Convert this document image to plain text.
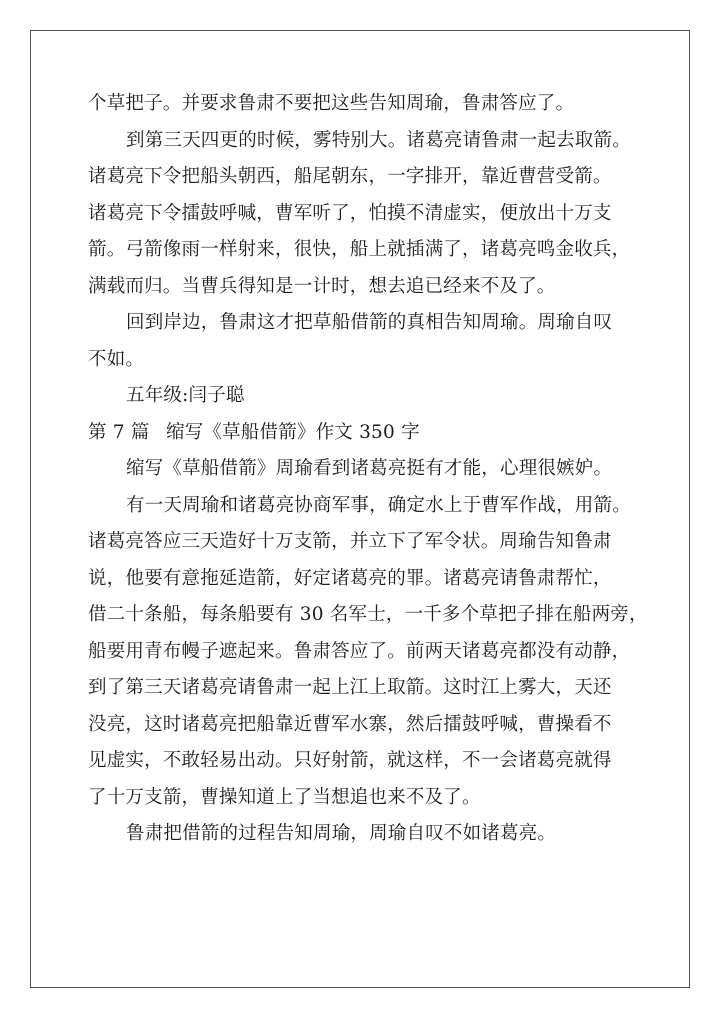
个草把子。并要求鲁肃不要把这些告知周瑜，鲁肃答应了。
到第三天四更的时候，雾特别大。诸葛亮请鲁肃一起去取箭。
诸葛亮下令把船头朝西，船尾朝东，一字排开，靠近曹营受箭。
诸葛亮下令擂鼓呼喊，曹军听了，怕摸不清虚实，便放出十万支
箭。弓箭像雨一样射来，很快，船上就插满了，诸葛亮鸣金收兵，
满载而归。当曹兵得知是一计时，想去追已经来不及了。
回到岸边，鲁肃这才把草船借箭的真相告知周瑜。周瑜自叹
不如。
五年级:闫子聪
第 7 篇 缩写《草船借箭》作文 350 字
缩写《草船借箭》周瑜看到诸葛亮挺有才能，心理很嫉妒。
有一天周瑜和诸葛亮协商军事，确定水上于曹军作战，用箭。
诸葛亮答应三天造好十万支箭，并立下了军令状。周瑜告知鲁肃
说，他要有意拖延造箭，好定诸葛亮的罪。诸葛亮请鲁肃帮忙，
借二十条船，每条船要有 30 名军士，一千多个草把子排在船两旁，
船要用青布幔子遮起来。鲁肃答应了。前两天诸葛亮都没有动静，
到了第三天诸葛亮请鲁肃一起上江上取箭。这时江上雾大，天还
没亮，这时诸葛亮把船靠近曹军水寨，然后擂鼓呼喊，曹操看不
见虚实，不敢轻易出动。只好射箭，就这样，不一会诸葛亮就得
了十万支箭，曹操知道上了当想追也来不及了。
鲁肃把借箭的过程告知周瑜，周瑜自叹不如诸葛亮。
